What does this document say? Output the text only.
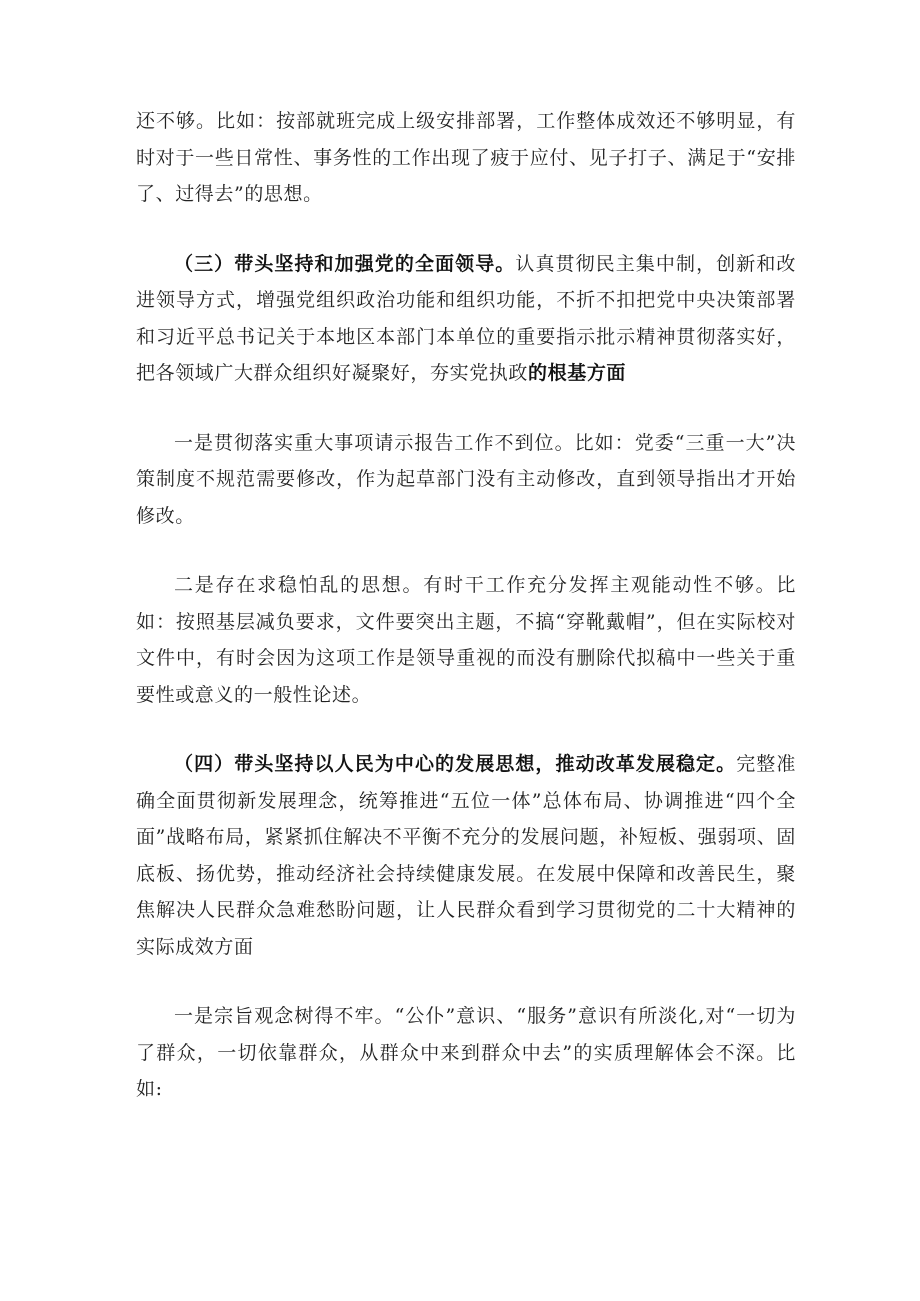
还不够。比如：按部就班完成上级安排部署，工作整体成效还不够明显，有时对于一些日常性、事务性的工作出现了疲于应付、见子打子、满足于“安排了、过得去”的思想。

（三）带头坚持和加强党的全面领导。认真贯彻民主集中制，创新和改进领导方式，增强党组织政治功能和组织功能，不折不扣把党中央决策部署和习近平总书记关于本地区本部门本单位的重要指示批示精神贯彻落实好，把各领域广大群众组织好凝聚好，夯实党执政的根基方面

一是贯彻落实重大事项请示报告工作不到位。比如：党委“三重一大”决策制度不规范需要修改，作为起草部门没有主动修改，直到领导指出才开始修改。

二是存在求稳怕乱的思想。有时干工作充分发挥主观能动性不够。比如：按照基层减负要求，文件要突出主题，不搞“穿靴戴帽”，但在实际校对文件中，有时会因为这项工作是领导重视的而没有删除代拟稿中一些关于重要性或意义的一般性论述。

（四）带头坚持以人民为中心的发展思想，推动改革发展稳定。完整准确全面贯彻新发展理念，统筹推进“五位一体”总体布局、协调推进“四个全面”战略布局，紧紧抓住解决不平衡不充分的发展问题，补短板、强弱项、固底板、扬优势，推动经济社会持续健康发展。在发展中保障和改善民生，聚焦解决人民群众急难愁盼问题，让人民群众看到学习贯彻党的二十大精神的实际成效方面

一是宗旨观念树得不牢。“公仆”意识、“服务”意识有所淡化,对“一切为了群众，一切依靠群众，从群众中来到群众中去”的实质理解体会不深。比如:
